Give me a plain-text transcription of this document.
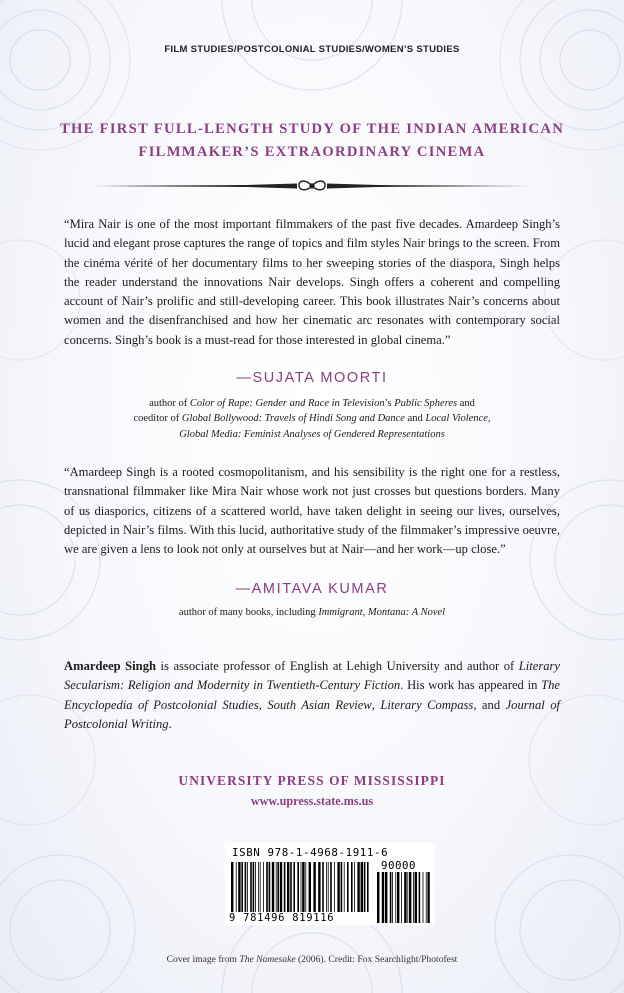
FILM STUDIES/POSTCOLONIAL STUDIES/WOMEN’S STUDIES
THE FIRST FULL-LENGTH STUDY OF THE INDIAN AMERICAN
FILMMAKER’S EXTRAORDINARY CINEMA
“Mira Nair is one of the most important filmmakers of the past five decades. Amardeep Singh’s lucid and elegant prose captures the range of topics and film styles Nair brings to the screen. From the cinéma vérité of her documentary films to her sweeping stories of the diaspora, Singh helps the reader understand the innovations Nair develops. Singh offers a coherent and compelling account of Nair’s prolific and still-developing career. This book illustrates Nair’s concerns about women and the disenfranchised and how her cinematic arc resonates with contemporary social concerns. Singh’s book is a must-read for those interested in global cinema.”
—SUJATA MOORTI
author of Color of Rape: Gender and Race in Television’s Public Spheres and
coeditor of Global Bollywood: Travels of Hindi Song and Dance and Local Violence,
Global Media: Feminist Analyses of Gendered Representations
“Amardeep Singh is a rooted cosmopolitanism, and his sensibility is the right one for a restless, transnational filmmaker like Mira Nair whose work not just crosses but questions borders. Many of us diasporics, citizens of a scattered world, have taken delight in seeing our lives, ourselves, depicted in Nair’s films. With this lucid, authoritative study of the filmmaker’s impressive oeuvre, we are given a lens to look not only at ourselves but at Nair—and her work—up close.”
—AMITAVA KUMAR
author of many books, including Immigrant, Montana: A Novel
Amardeep Singh is associate professor of English at Lehigh University and author of Literary Secularism: Religion and Modernity in Twentieth-Century Fiction. His work has appeared in The Encyclopedia of Postcolonial Studies, South Asian Review, Literary Compass, and Journal of Postcolonial Writing.
UNIVERSITY PRESS OF MISSISSIPPI
www.upress.state.ms.us
ISBN 978-1-4968-1911-6
90000
9 781496 819116
Cover image from The Namesake (2006). Credit: Fox Searchlight/Photofest
